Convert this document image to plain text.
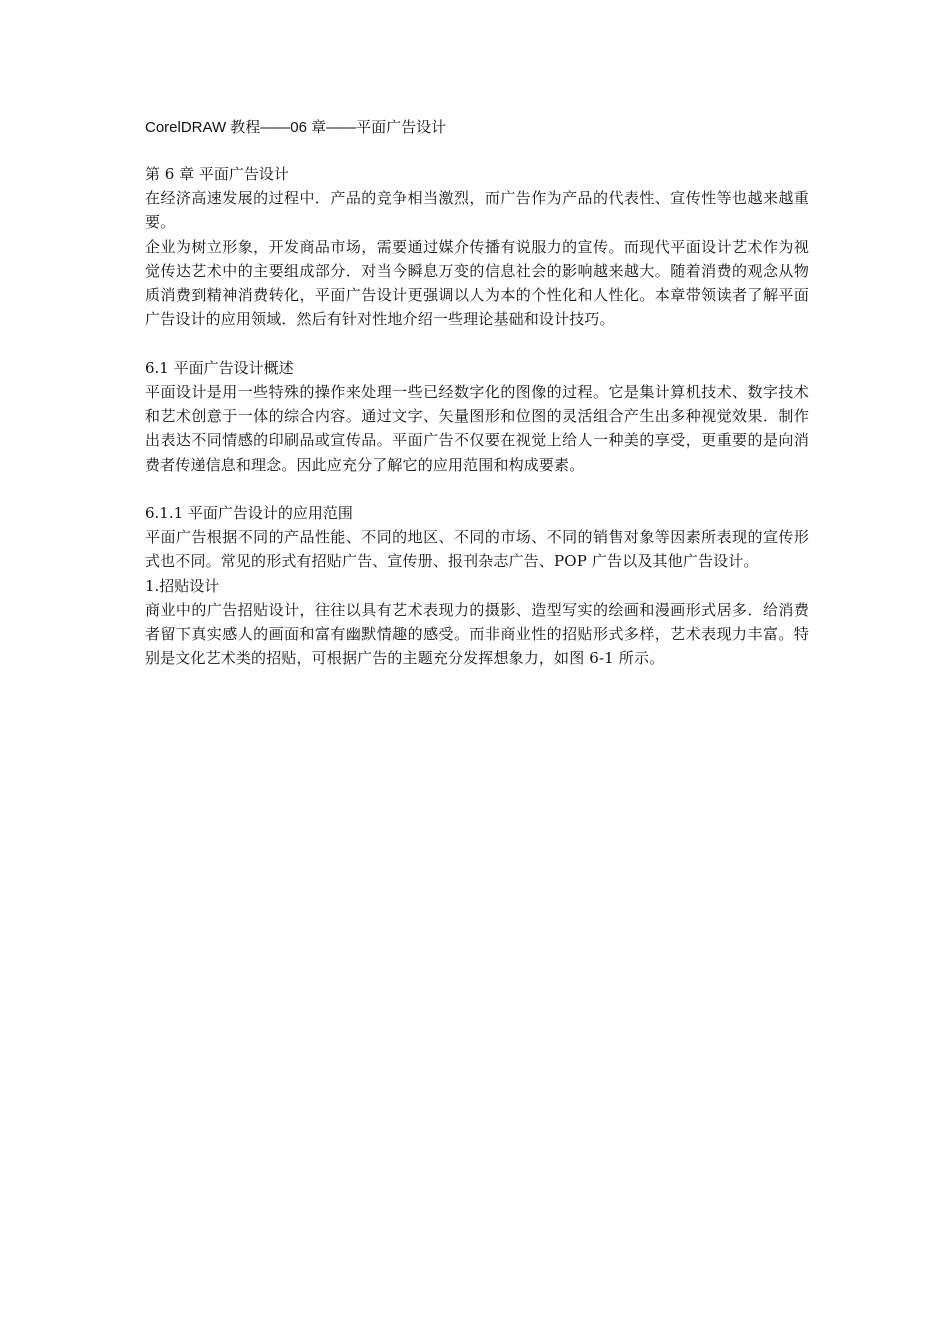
CorelDRAW 教程——06 章——平面广告设计
第 6 章 平面广告设计

在经济高速发展的过程中．产品的竞争相当激烈，而广告作为产品的代表性、宣传性等也越来越重要。

企业为树立形象，开发商品市场，需要通过媒介传播有说服力的宣传。而现代平面设计艺术作为视觉传达艺术中的主要组成部分．对当今瞬息万变的信息社会的影响越来越大。随着消费的观念从物质消费到精神消费转化，平面广告设计更强调以人为本的个性化和人性化。本章带领读者了解平面广告设计的应用领域．然后有针对性地介绍一些理论基础和设计技巧。

6.1 平面广告设计概述

平面设计是用一些特殊的操作来处理一些已经数字化的图像的过程。它是集计算机技术、数字技术和艺术创意于一体的综合内容。通过文字、矢量图形和位图的灵活组合产生出多种视觉效果．制作出表达不同情感的印刷品或宣传品。平面广告不仅要在视觉上给人一种美的享受，更重要的是向消费者传递信息和理念。因此应充分了解它的应用范围和构成要素。

6.1.1 平面广告设计的应用范围

平面广告根据不同的产品性能、不同的地区、不同的市场、不同的销售对象等因素所表现的宣传形式也不同。常见的形式有招贴广告、宣传册、报刊杂志广告、POP 广告以及其他广告设计。

1.招贴设计

商业中的广告招贴设计，往往以具有艺术表现力的摄影、造型写实的绘画和漫画形式居多．给消费者留下真实感人的画面和富有幽默情趣的感受。而非商业性的招贴形式多样，艺术表现力丰富。特别是文化艺术类的招贴，可根据广告的主题充分发挥想象力，如图 6-1 所示。
